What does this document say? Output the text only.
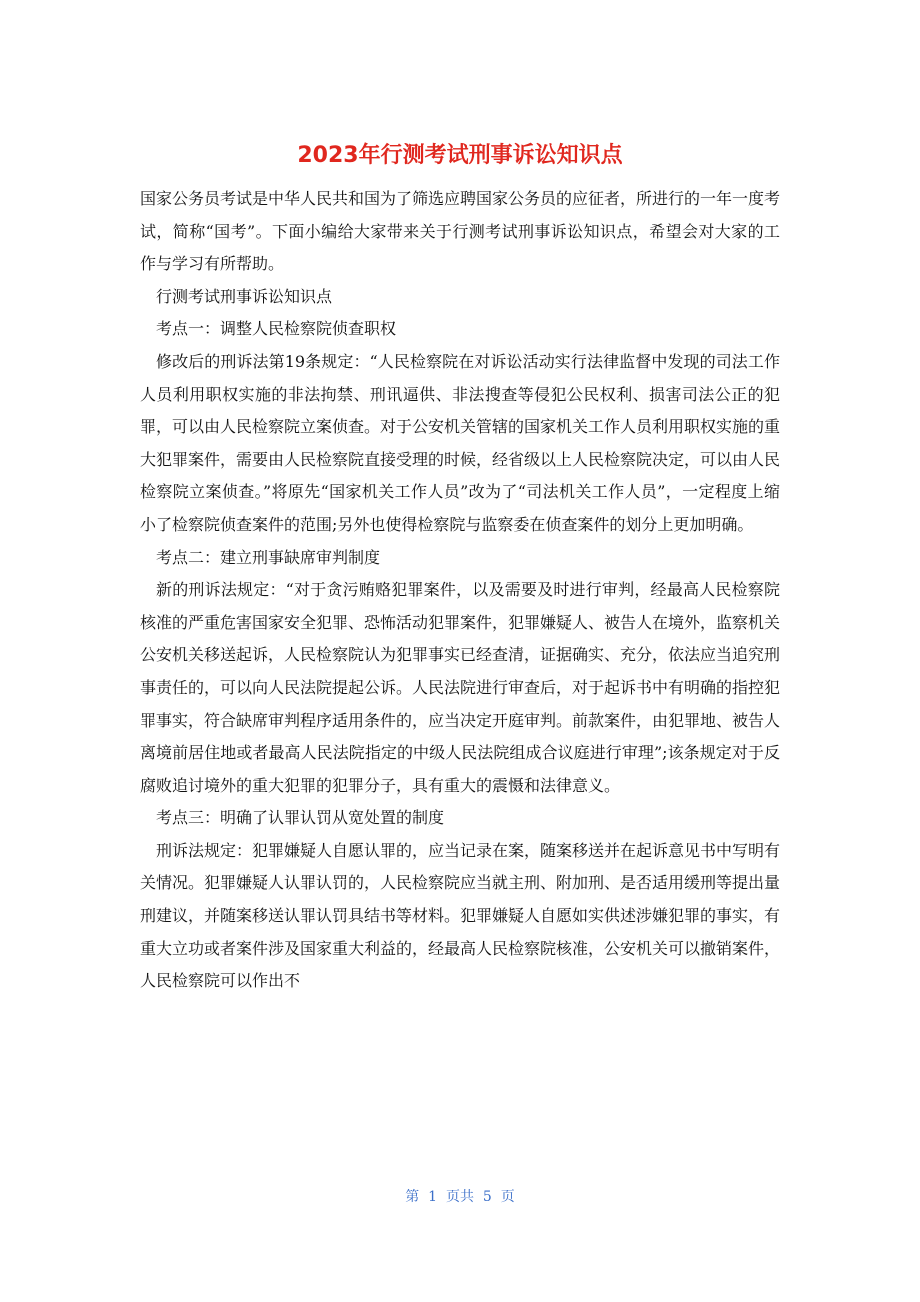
2023年行测考试刑事诉讼知识点

国家公务员考试是中华人民共和国为了筛选应聘国家公务员的应征者，所进行的一年一度考试，简称“国考”。下面小编给大家带来关于行测考试刑事诉讼知识点，希望会对大家的工作与学习有所帮助。

行测考试刑事诉讼知识点

考点一：调整人民检察院侦查职权

修改后的刑诉法第19条规定：“人民检察院在对诉讼活动实行法律监督中发现的司法工作人员利用职权实施的非法拘禁、刑讯逼供、非法搜查等侵犯公民权利、损害司法公正的犯罪，可以由人民检察院立案侦查。对于公安机关管辖的国家机关工作人员利用职权实施的重大犯罪案件，需要由人民检察院直接受理的时候，经省级以上人民检察院决定，可以由人民检察院立案侦查。”将原先“国家机关工作人员”改为了“司法机关工作人员”，一定程度上缩小了检察院侦查案件的范围;另外也使得检察院与监察委在侦查案件的划分上更加明确。

考点二：建立刑事缺席审判制度

新的刑诉法规定：“对于贪污贿赂犯罪案件，以及需要及时进行审判，经最高人民检察院核准的严重危害国家安全犯罪、恐怖活动犯罪案件，犯罪嫌疑人、被告人在境外，监察机关公安机关移送起诉，人民检察院认为犯罪事实已经查清，证据确实、充分，依法应当追究刑事责任的，可以向人民法院提起公诉。人民法院进行审查后，对于起诉书中有明确的指控犯罪事实，符合缺席审判程序适用条件的，应当决定开庭审判。前款案件，由犯罪地、被告人离境前居住地或者最高人民法院指定的中级人民法院组成合议庭进行审理”;该条规定对于反腐败追讨境外的重大犯罪的犯罪分子，具有重大的震慑和法律意义。

考点三：明确了认罪认罚从宽处置的制度

刑诉法规定：犯罪嫌疑人自愿认罪的，应当记录在案，随案移送并在起诉意见书中写明有关情况。犯罪嫌疑人认罪认罚的，人民检察院应当就主刑、附加刑、是否适用缓刑等提出量刑建议，并随案移送认罪认罚具结书等材料。犯罪嫌疑人自愿如实供述涉嫌犯罪的事实，有重大立功或者案件涉及国家重大利益的，经最高人民检察院核准，公安机关可以撤销案件，人民检察院可以作出不

第  1  页共  5  页
